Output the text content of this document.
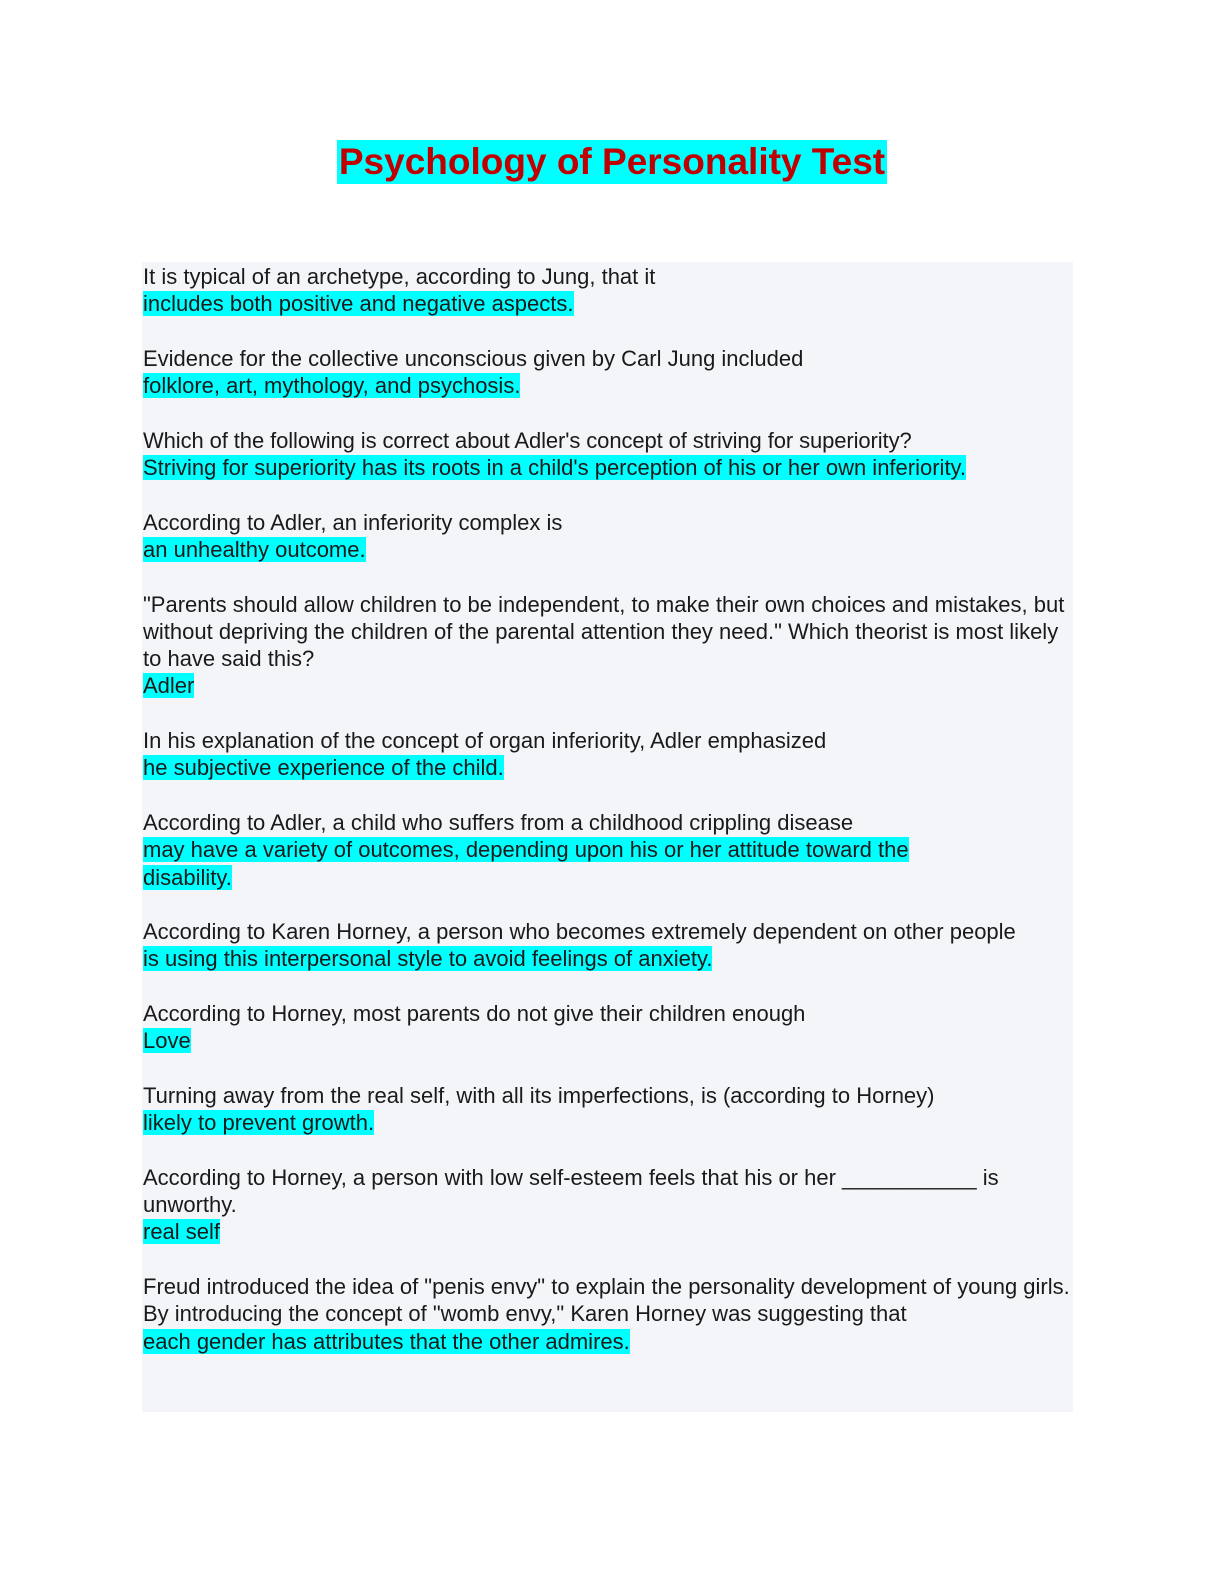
Psychology of Personality Test
It is typical of an archetype, according to Jung, that it
includes both positive and negative aspects.
Evidence for the collective unconscious given by Carl Jung included
folklore, art, mythology, and psychosis.
Which of the following is correct about Adler's concept of striving for superiority?
Striving for superiority has its roots in a child's perception of his or her own inferiority.
According to Adler, an inferiority complex is
an unhealthy outcome.
"Parents should allow children to be independent, to make their own choices and mistakes, but without depriving the children of the parental attention they need." Which theorist is most likely to have said this?
Adler
In his explanation of the concept of organ inferiority, Adler emphasized
he subjective experience of the child.
According to Adler, a child who suffers from a childhood crippling disease
may have a variety of outcomes, depending upon his or her attitude toward the disability.
According to Karen Horney, a person who becomes extremely dependent on other people
is using this interpersonal style to avoid feelings of anxiety.
According to Horney, most parents do not give their children enough
Love
Turning away from the real self, with all its imperfections, is (according to Horney)
likely to prevent growth.
According to Horney, a person with low self-esteem feels that his or her ___________ is unworthy.
real self
Freud introduced the idea of "penis envy" to explain the personality development of young girls. By introducing the concept of "womb envy," Karen Horney was suggesting that
each gender has attributes that the other admires.
